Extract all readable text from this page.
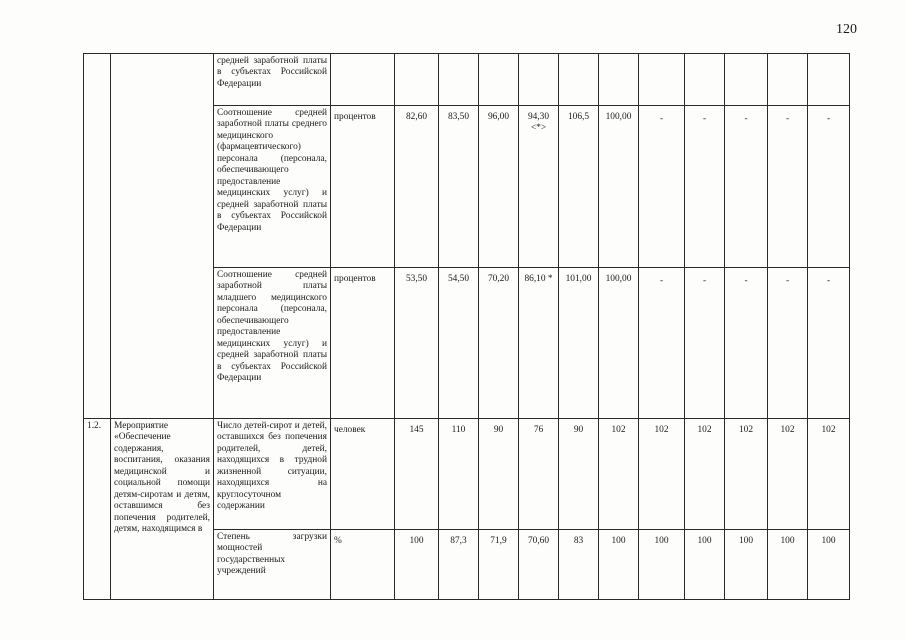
120
		средней заработной платы в субъектах Российской Федерации												
		Соотношение средней заработной платы среднего медицинского (фармацевтического) персонала (персонала, обеспечивающего предоставление медицинских услуг) и средней заработной платы в субъектах Российской Федерации	процентов	82,60	83,50	96,00	94,30 <*>	106,5	100,00	-	-	-	-	-
		Соотношение средней заработной платы младшего медицинского персонала (персонала, обеспечивающего предоставление медицинских услуг) и средней заработной платы в субъектах Российской Федерации	процентов	53,50	54,50	70,20	86,10 *	101,00	100,00	-	-	-	-	-
1.2.	Мероприятие «Обеспечение содержания, воспитания, оказания медицинской и социальной помощи детям-сиротам и детям, оставшимся без попечения родителей, детям, находящимся в	Число детей-сирот и детей, оставшихся без попечения родителей, детей, находящихся в трудной жизненной ситуации, находящихся на круглосуточном содержании	человек	145	110	90	76	90	102	102	102	102	102	102
		Степень загрузки мощностей государственных учреждений	%	100	87,3	71,9	70,60	83	100	100	100	100	100	100
